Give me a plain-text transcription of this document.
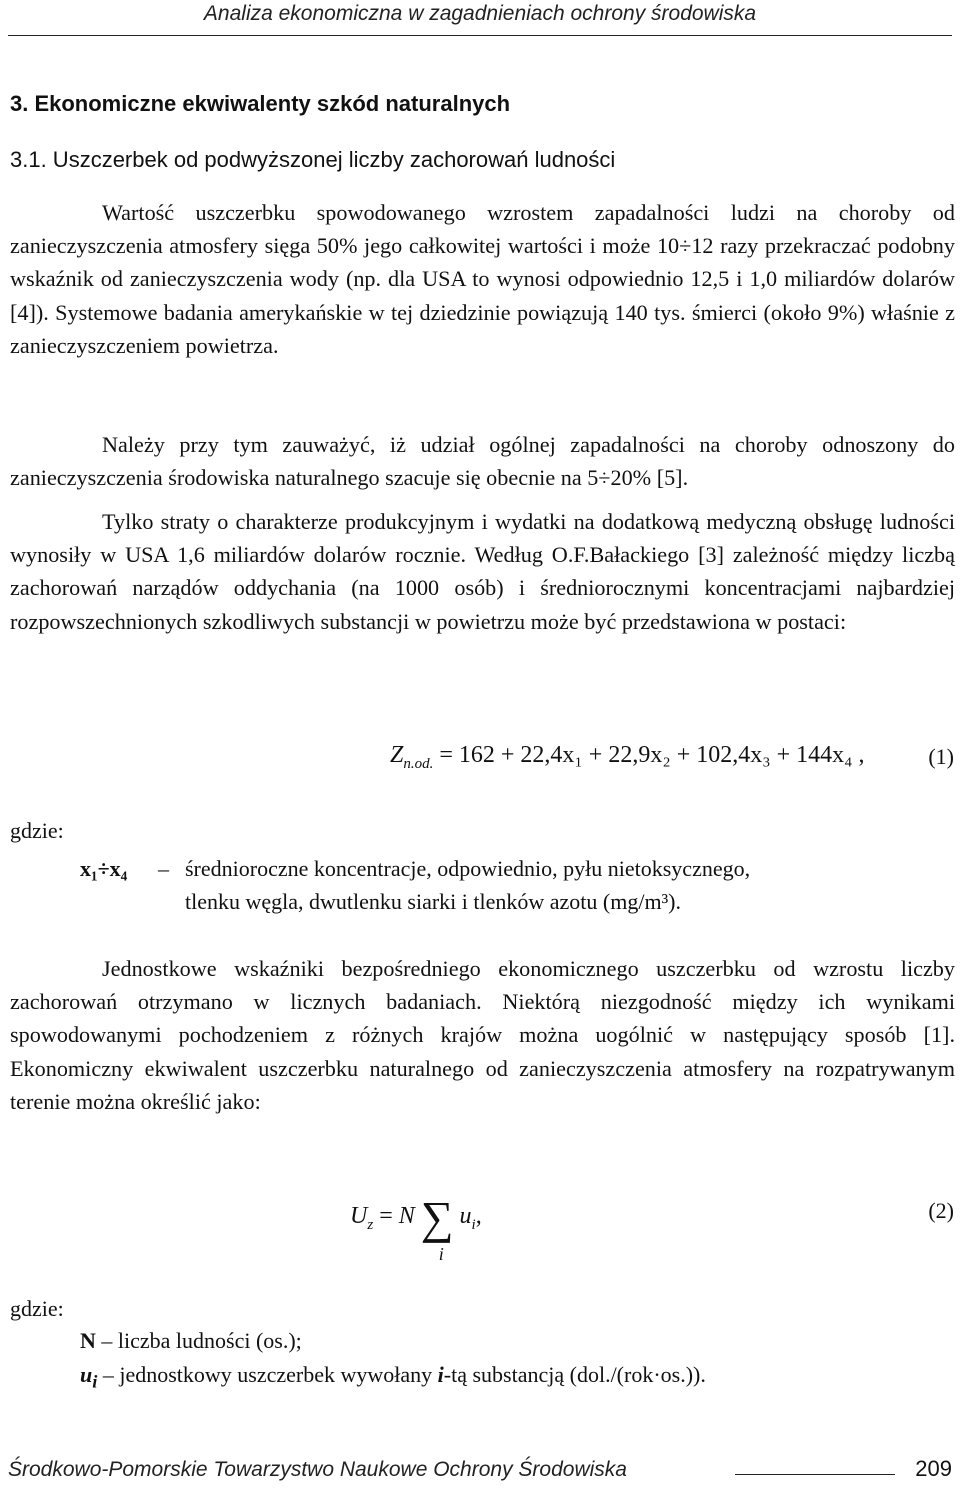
Analiza ekonomiczna w zagadnieniach ochrony środowiska
3. Ekonomiczne ekwiwalenty szkód naturalnych
3.1. Uszczerbek od podwyższonej liczby zachorowań ludności

Wartość uszczerbku spowodowanego wzrostem zapadalności ludzi na choroby od zanieczyszczenia atmosfery sięga 50% jego całkowitej wartości i może 10÷12 razy przekraczać podobny wskaźnik od zanieczyszczenia wody (np. dla USA to wynosi odpowiednio 12,5 i 1,0 miliardów dolarów [4]). Systemowe badania amerykańskie w tej dziedzinie powiązują 140 tys. śmierci (około 9%) właśnie z zanieczyszczeniem powietrza.

Należy przy tym zauważyć, iż udział ogólnej zapadalności na choroby odnoszony do zanieczyszczenia środowiska naturalnego szacuje się obecnie na 5÷20% [5].

Tylko straty o charakterze produkcyjnym i wydatki na dodatkową medyczną obsługę ludności wynosiły w USA 1,6 miliardów dolarów rocznie. Według O.F.Bałackiego [3] zależność między liczbą zachorowań narządów oddychania (na 1000 osób) i średniorocznymi koncentracjami najbardziej rozpowszechnionych szkodliwych substancji w powietrzu może być przedstawiona w postaci:

$Z_{n.od.} = 162 + 22,4x_1 + 22,9x_2 + 102,4x_3 + 144x_4$ ,	(1)
gdzie:
x₁÷x₄ – średnioroczne koncentracje, odpowiednio, pyłu nietoksycznego,
tlenku węgla, dwutlenku siarki i tlenków azotu (mg/m³).

Jednostkowe wskaźniki bezpośredniego ekonomicznego uszczerbku od wzrostu liczby zachorowań otrzymano w licznych badaniach. Niektórą niezgodność między ich wynikami spowodowanymi pochodzeniem z różnych krajów można uogólnić w następujący sposób [1]. Ekonomiczny ekwiwalent uszczerbku naturalnego od zanieczyszczenia atmosfery na rozpatrywanym terenie można określić jako:

$U_z = N$ ∑
i
$u_i$,	(2)
gdzie:
N – liczba ludności (os.);
$u_i$ – jednostkowy uszczerbek wywołany i-tą substancją (dol./(rok·os.)).
Środkowo-Pomorskie Towarzystwo Naukowe Ochrony Środowiska	209
